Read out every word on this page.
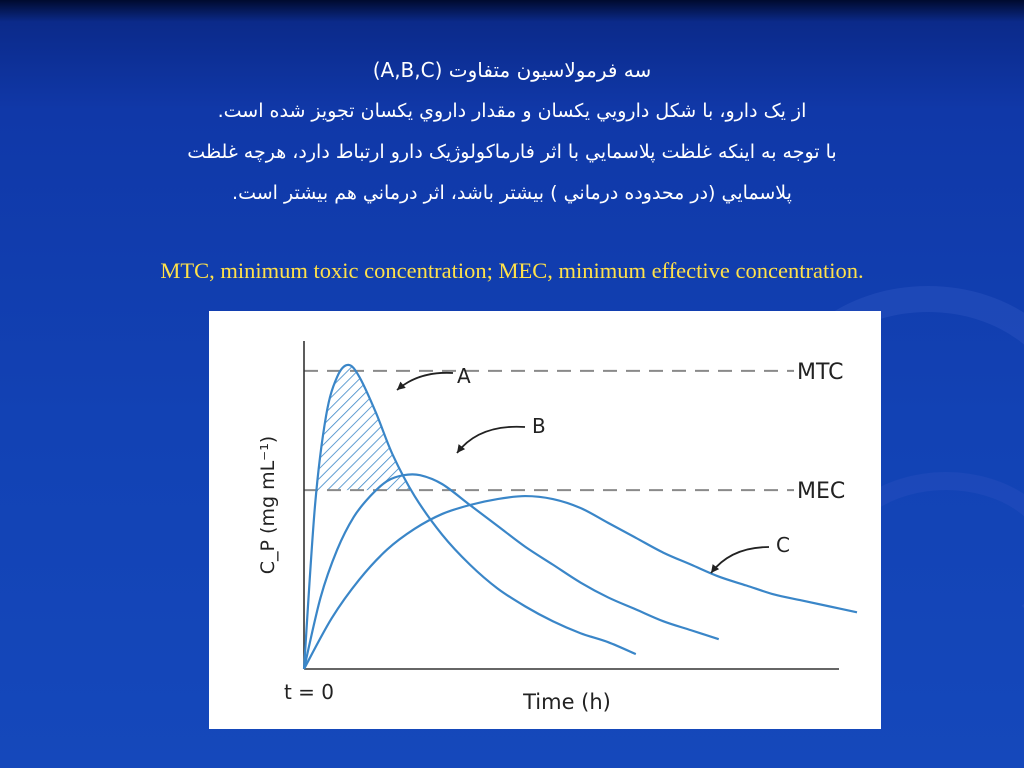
سه فرمولاسيون متفاوت (A,B,C)
از یک دارو، با شکل دارويي يکسان و مقدار داروي يکسان تجويز شده است.
با توجه به اينکه غلظت پلاسمايي با اثر فارماکولوژيک دارو ارتباط دارد، هرچه غلظت
پلاسمايي (در محدوده درماني ) بيشتر باشد، اثر درماني هم بيشتر است.
MTC, minimum toxic concentration; MEC, minimum effective concentration.
MTC
MEC
A
B
C
Time (h)
t = 0
C_P (mg mL⁻¹)
